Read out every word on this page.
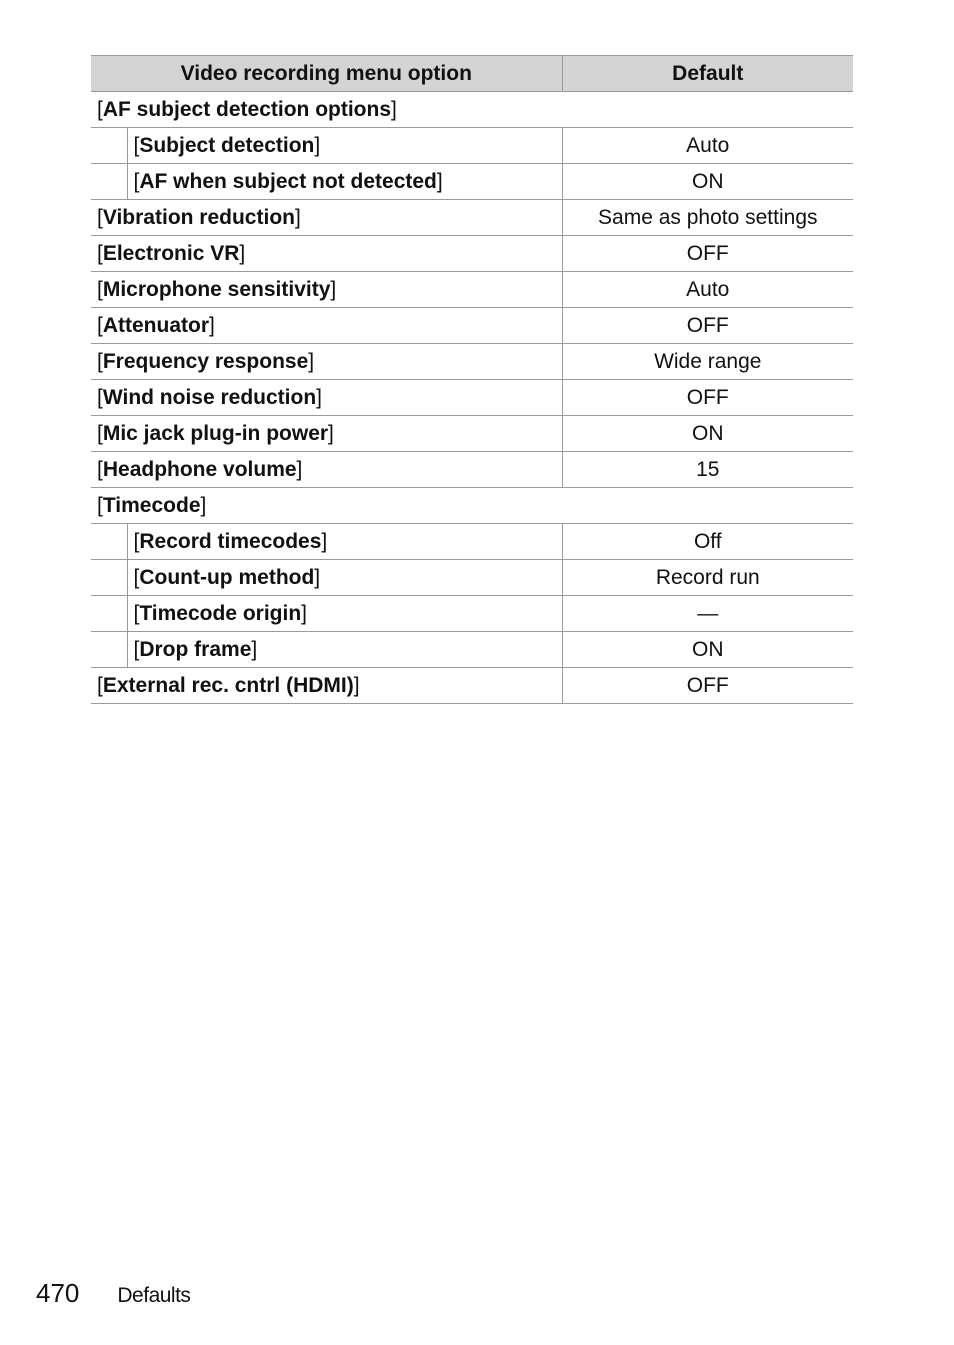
Video recording menu option		Default
[AF subject detection options]		
	[Subject detection]	Auto
	[AF when subject not detected]	ON
[Vibration reduction]		Same as photo settings
[Electronic VR]		OFF
[Microphone sensitivity]		Auto
[Attenuator]		OFF
[Frequency response]		Wide range
[Wind noise reduction]		OFF
[Mic jack plug-in power]		ON
[Headphone volume]		15
[Timecode]		
	[Record timecodes]	Off
	[Count-up method]	Record run
	[Timecode origin]	—
	[Drop frame]	ON
[External rec. cntrl (HDMI)]		OFF
470 Defaults
